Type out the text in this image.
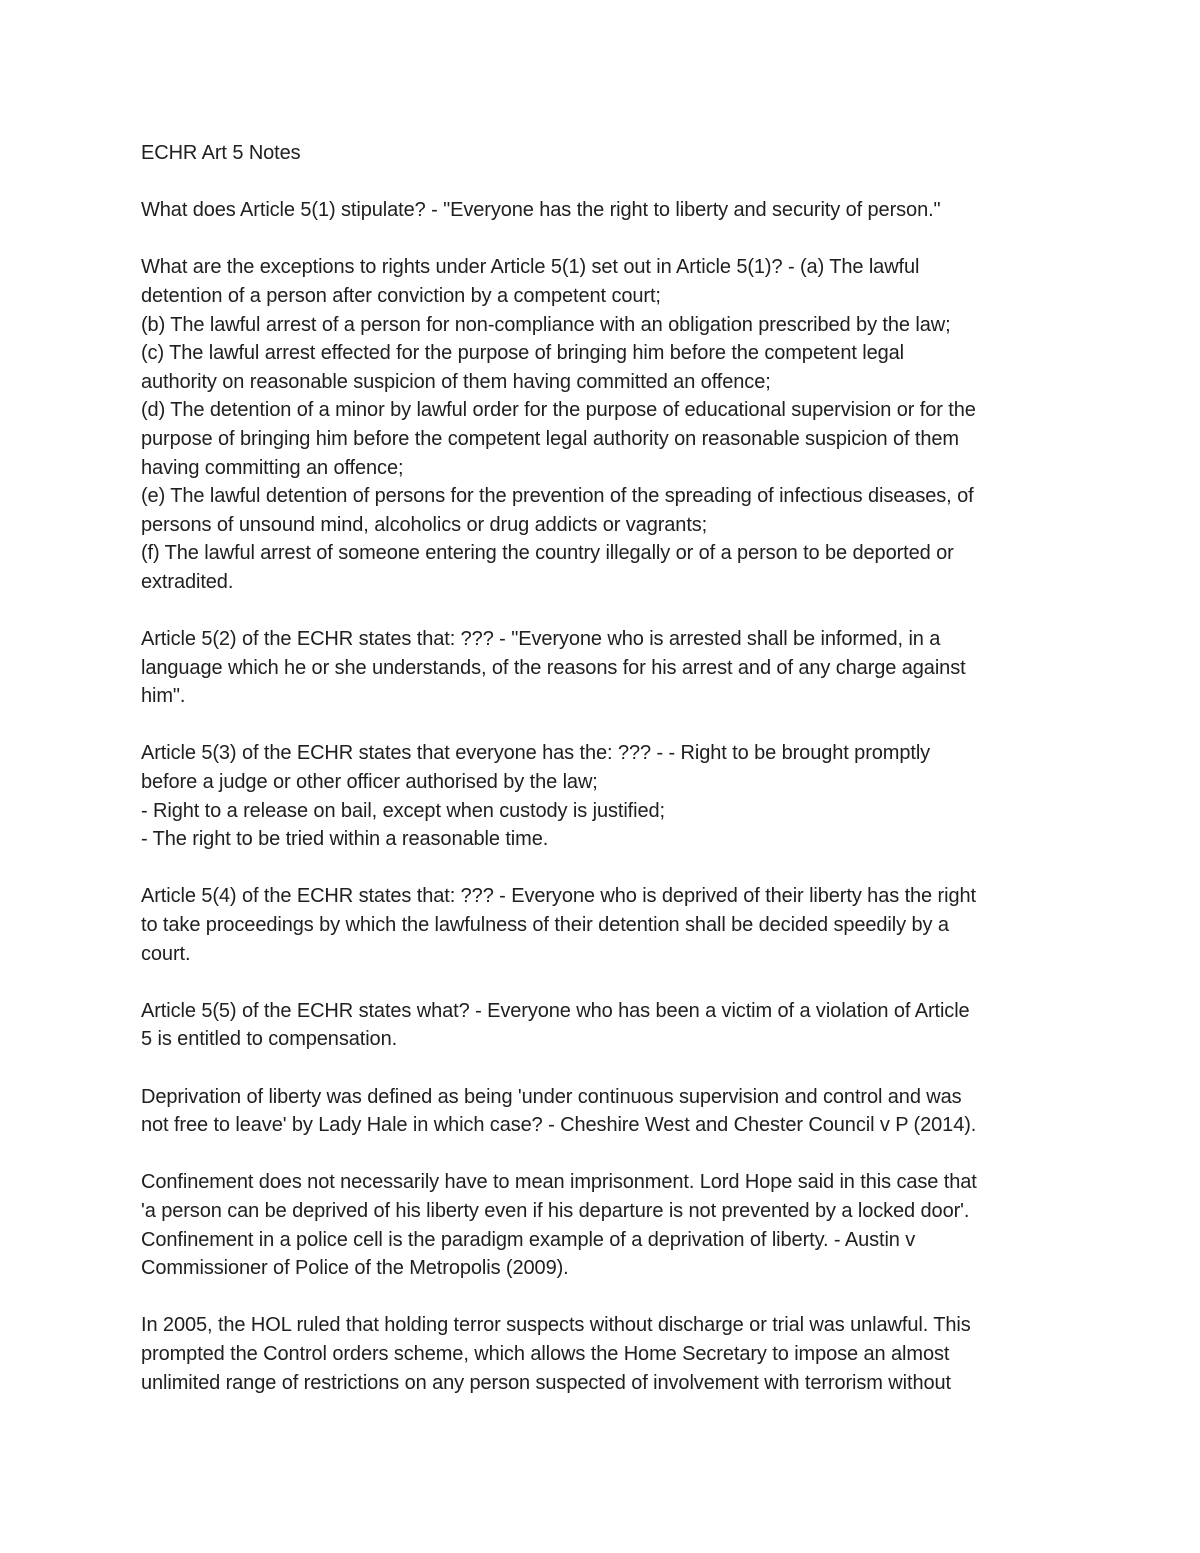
ECHR Art 5 Notes
What does Article 5(1) stipulate? - "Everyone has the right to liberty and security of person."
What are the exceptions to rights under Article 5(1) set out in Article 5(1)? - (a) The lawful
detention of a person after conviction by a competent court;
(b) The lawful arrest of a person for non-compliance with an obligation prescribed by the law;
(c) The lawful arrest effected for the purpose of bringing him before the competent legal
authority on reasonable suspicion of them having committed an offence;
(d) The detention of a minor by lawful order for the purpose of educational supervision or for the
purpose of bringing him before the competent legal authority on reasonable suspicion of them
having committing an offence;
(e) The lawful detention of persons for the prevention of the spreading of infectious diseases, of
persons of unsound mind, alcoholics or drug addicts or vagrants;
(f) The lawful arrest of someone entering the country illegally or of a person to be deported or
extradited.
Article 5(2) of the ECHR states that: ??? - "Everyone who is arrested shall be informed, in a
language which he or she understands, of the reasons for his arrest and of any charge against
him".
Article 5(3) of the ECHR states that everyone has the: ??? - - Right to be brought promptly
before a judge or other officer authorised by the law;
- Right to a release on bail, except when custody is justified;
- The right to be tried within a reasonable time.
Article 5(4) of the ECHR states that: ??? - Everyone who is deprived of their liberty has the right
to take proceedings by which the lawfulness of their detention shall be decided speedily by a
court.
Article 5(5) of the ECHR states what? - Everyone who has been a victim of a violation of Article
5 is entitled to compensation.
Deprivation of liberty was defined as being 'under continuous supervision and control and was
not free to leave' by Lady Hale in which case? - Cheshire West and Chester Council v P (2014).
Confinement does not necessarily have to mean imprisonment. Lord Hope said in this case that
'a person can be deprived of his liberty even if his departure is not prevented by a locked door'.
Confinement in a police cell is the paradigm example of a deprivation of liberty. - Austin v
Commissioner of Police of the Metropolis (2009).
In 2005, the HOL ruled that holding terror suspects without discharge or trial was unlawful. This
prompted the Control orders scheme, which allows the Home Secretary to impose an almost
unlimited range of restrictions on any person suspected of involvement with terrorism without
